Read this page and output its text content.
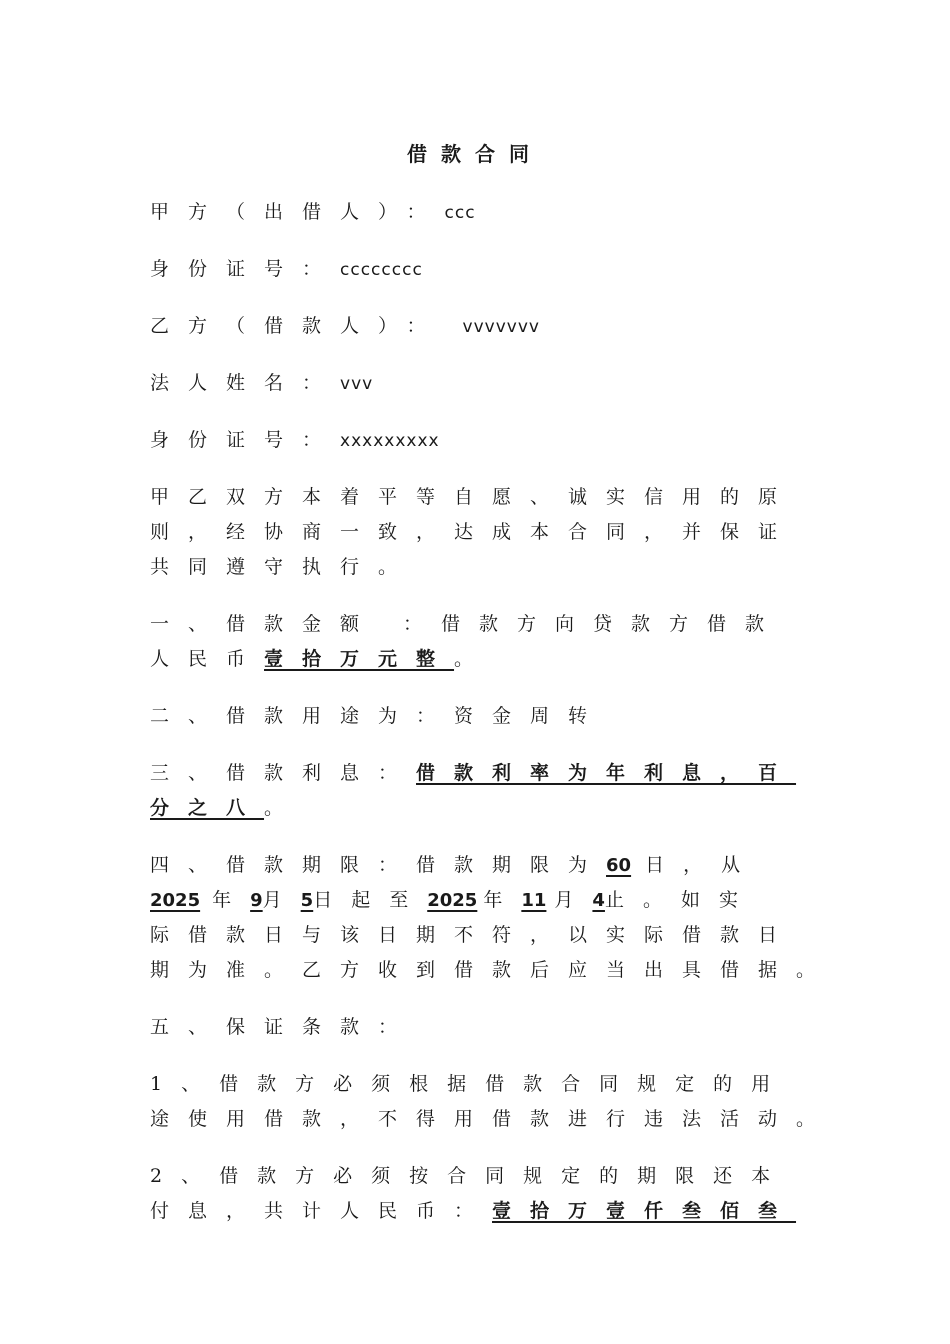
借款合同
甲方（出借人）：ccc
身份证号：cccccccc
乙方（借款人）： vvvvvvv
法人姓名：vvv
身份证号：xxxxxxxxx
甲乙双方本着平等自愿、诚实信用的原
则，经协商一致，达成本合同，并保证
共同遵守执行。
一、借款金额 ：借款方向贷款方借款
人民币壹拾万元整。
二、借款用途为：资金周转
三、借款利息：借款利率为年利息，百
分之八。
四、借款期限：借款期限为60 日，从
2025 年9月5日起至2025 年11 月4止。如实
际借款日与该日期不符，以实际借款日
期为准。乙方收到借款后应当出具借据。
五、保证条款：
1、借款方必须根据借款合同规定的用
途使用借款，不得用借款进行违法活动。
2、借款方必须按合同规定的期限还本
付息，共计人民币：壹拾万壹仟叁佰叁
